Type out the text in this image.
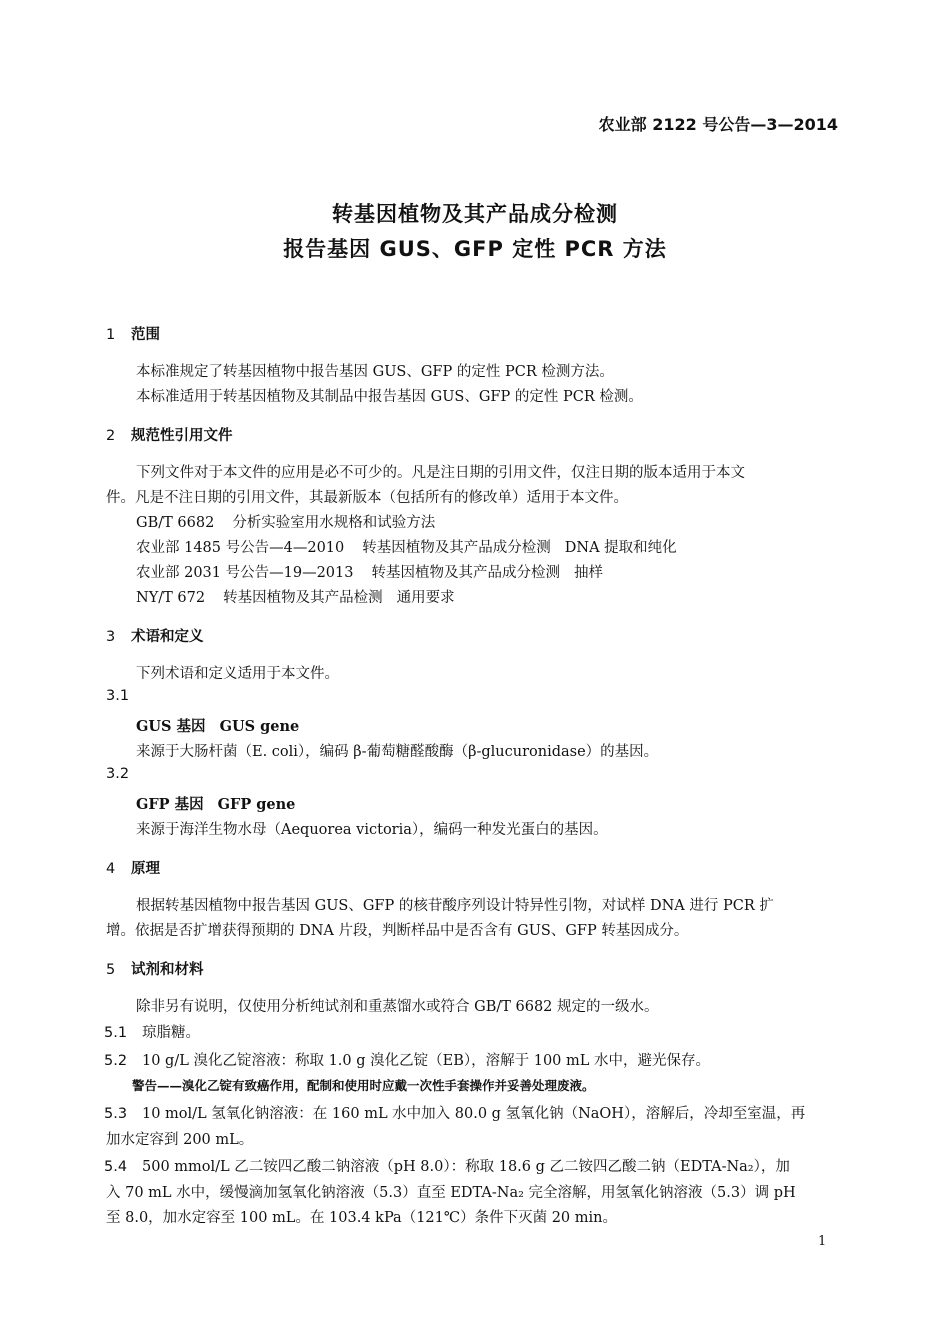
农业部 2122 号公告—3—2014
转基因植物及其产品成分检测
报告基因 GUS、GFP 定性 PCR 方法
1 范围
本标准规定了转基因植物中报告基因 GUS、GFP 的定性 PCR 检测方法。
本标准适用于转基因植物及其制品中报告基因 GUS、GFP 的定性 PCR 检测。
2 规范性引用文件
下列文件对于本文件的应用是必不可少的。凡是注日期的引用文件，仅注日期的版本适用于本文
件。凡是不注日期的引用文件，其最新版本（包括所有的修改单）适用于本文件。
GB/T 6682 分析实验室用水规格和试验方法
农业部 1485 号公告—4—2010 转基因植物及其产品成分检测 DNA 提取和纯化
农业部 2031 号公告—19—2013 转基因植物及其产品成分检测 抽样
NY/T 672 转基因植物及其产品检测 通用要求
3 术语和定义
下列术语和定义适用于本文件。
3.1
GUS 基因 GUS gene
来源于大肠杆菌（E. coli），编码 β-葡萄糖醛酸酶（β-glucuronidase）的基因。
3.2
GFP 基因 GFP gene
来源于海洋生物水母（Aequorea victoria），编码一种发光蛋白的基因。
4 原理
根据转基因植物中报告基因 GUS、GFP 的核苷酸序列设计特异性引物，对试样 DNA 进行 PCR 扩
增。依据是否扩增获得预期的 DNA 片段，判断样品中是否含有 GUS、GFP 转基因成分。
5 试剂和材料
除非另有说明，仅使用分析纯试剂和重蒸馏水或符合 GB/T 6682 规定的一级水。
5.1 琼脂糖。
5.2 10 g/L 溴化乙锭溶液：称取 1.0 g 溴化乙锭（EB），溶解于 100 mL 水中，避光保存。
警告——溴化乙锭有致癌作用，配制和使用时应戴一次性手套操作并妥善处理废液。
5.3 10 mol/L 氢氧化钠溶液：在 160 mL 水中加入 80.0 g 氢氧化钠（NaOH），溶解后，冷却至室温，再
加水定容到 200 mL。
5.4 500 mmol/L 乙二铵四乙酸二钠溶液（pH 8.0）：称取 18.6 g 乙二铵四乙酸二钠（EDTA-Na₂），加
入 70 mL 水中，缓慢滴加氢氧化钠溶液（5.3）直至 EDTA-Na₂ 完全溶解，用氢氧化钠溶液（5.3）调 pH
至 8.0，加水定容至 100 mL。在 103.4 kPa（121℃）条件下灭菌 20 min。
1
